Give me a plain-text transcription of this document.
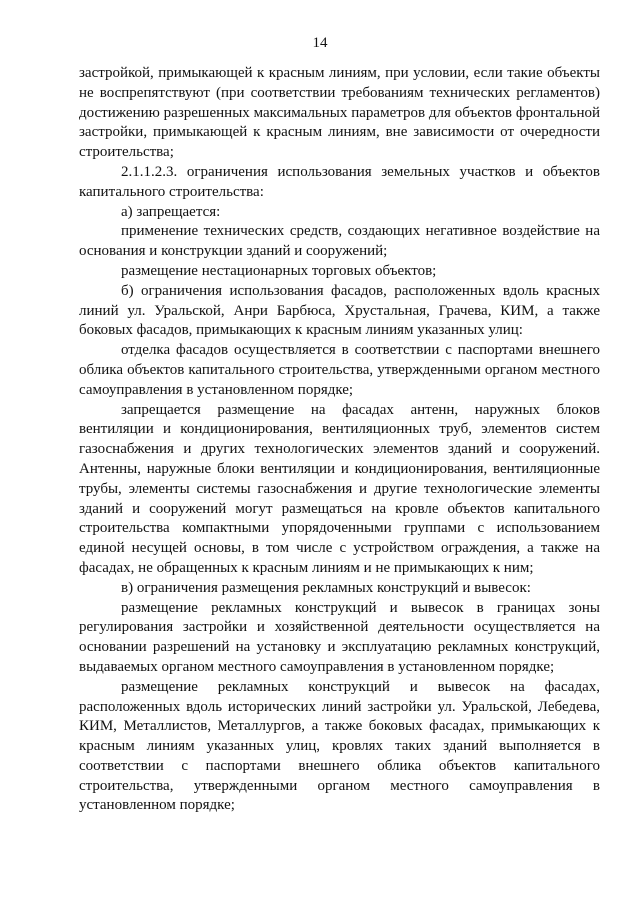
14

застройкой, примыкающей к красным линиям, при условии, если такие объекты не воспрепятствуют (при соответствии требованиям технических регламентов) достижению разрешенных максимальных параметров для объектов фронтальной застройки, примыкающей к красным линиям, вне зависимости от очередности строительства;

2.1.1.2.3. ограничения использования земельных участков и объектов капитального строительства:

а) запрещается:

применение технических средств, создающих негативное воздействие на основания и конструкции зданий и сооружений;

размещение нестационарных торговых объектов;

б) ограничения использования фасадов, расположенных вдоль красных линий ул. Уральской, Анри Барбюса, Хрустальная, Грачева, КИМ, а также боковых фасадов, примыкающих к красным линиям указанных улиц:

отделка фасадов осуществляется в соответствии с паспортами внешнего облика объектов капитального строительства, утвержденными органом местного самоуправления в установленном порядке;

запрещается размещение на фасадах антенн, наружных блоков вентиляции и кондиционирования, вентиляционных труб, элементов систем газоснабжения и других технологических элементов зданий и сооружений. Антенны, наружные блоки вентиляции и кондиционирования, вентиляционные трубы, элементы системы газоснабжения и другие технологические элементы зданий и сооружений могут размещаться на кровле объектов капитального строительства компактными упорядоченными группами с использованием единой несущей основы, в том числе с устройством ограждения, а также на фасадах, не обращенных к красным линиям и не примыкающих к ним;

в) ограничения размещения рекламных конструкций и вывесок:

размещение рекламных конструкций и вывесок в границах зоны регулирования застройки и хозяйственной деятельности осуществляется на основании разрешений на установку и эксплуатацию рекламных конструкций, выдаваемых органом местного самоуправления в установленном порядке;

размещение рекламных конструкций и вывесок на фасадах, расположенных вдоль исторических линий застройки ул. Уральской, Лебедева, КИМ, Металлистов, Металлургов, а также боковых фасадах, примыкающих к красным линиям указанных улиц, кровлях таких зданий выполняется в соответствии с паспортами внешнего облика объектов капитального строительства, утвержденными органом местного самоуправления в установленном порядке;
